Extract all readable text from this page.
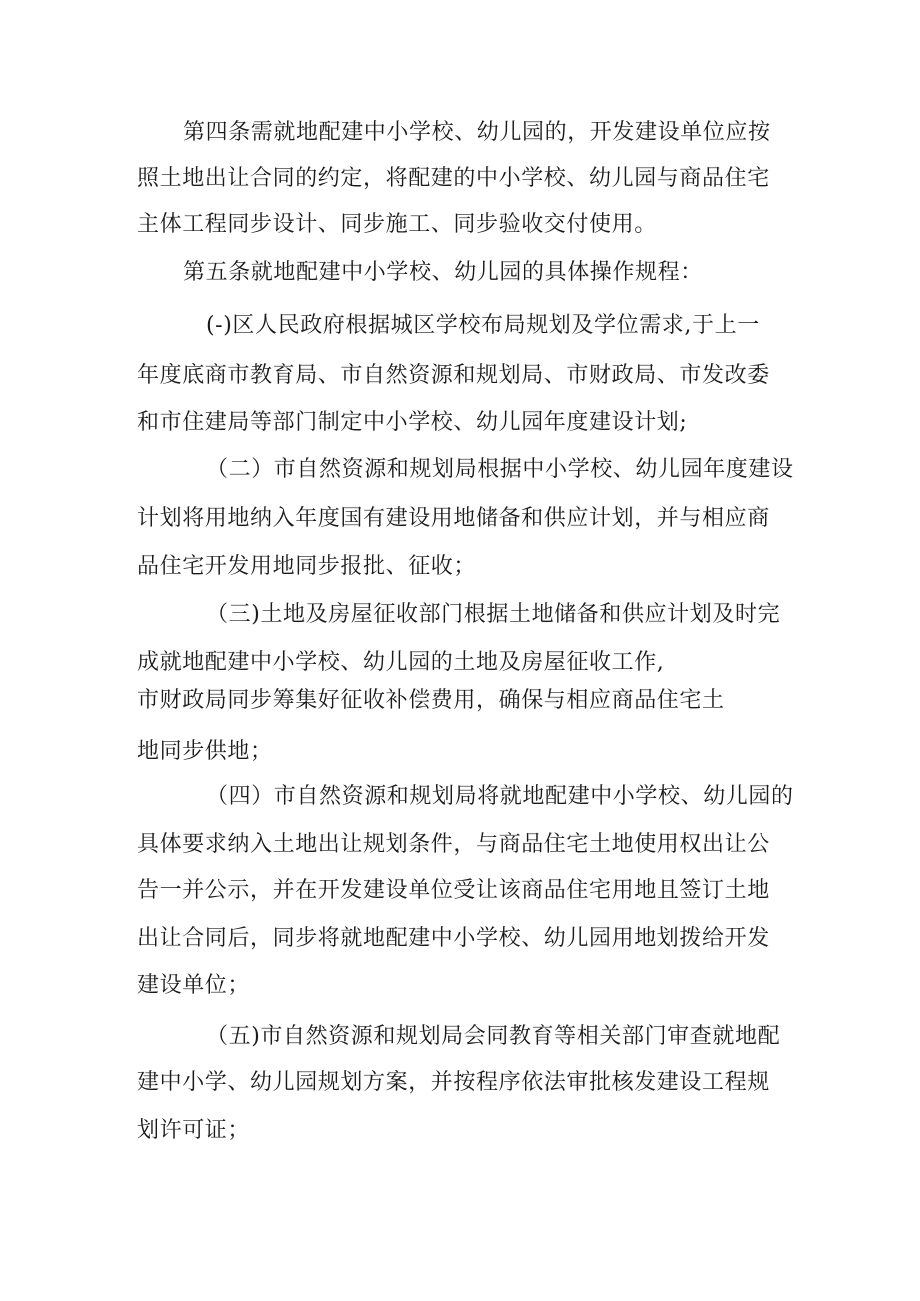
第四条需就地配建中小学校、幼儿园的，开发建设单位应按
照土地出让合同的约定，将配建的中小学校、幼儿园与商品住宅
主体工程同步设计、同步施工、同步验收交付使用。
第五条就地配建中小学校、幼儿园的具体操作规程：
(-)区人民政府根据城区学校布局规划及学位需求,于上一
年度底商市教育局、市自然资源和规划局、市财政局、市发改委
和市住建局等部门制定中小学校、幼儿园年度建设计划;
（二）市自然资源和规划局根据中小学校、幼儿园年度建设
计划将用地纳入年度国有建设用地储备和供应计划，并与相应商
品住宅开发用地同步报批、征收；
（三)土地及房屋征收部门根据土地储备和供应计划及时完
成就地配建中小学校、幼儿园的土地及房屋征收工作,
市财政局同步筹集好征收补偿费用，确保与相应商品住宅土
地同步供地；
（四）市自然资源和规划局将就地配建中小学校、幼儿园的
具体要求纳入土地出让规划条件，与商品住宅土地使用权出让公
告一并公示，并在开发建设单位受让该商品住宅用地且签订土地
出让合同后，同步将就地配建中小学校、幼儿园用地划拨给开发
建设单位；
（五)市自然资源和规划局会同教育等相关部门审查就地配
建中小学、幼儿园规划方案，并按程序依法审批核发建设工程规
划许可证；
